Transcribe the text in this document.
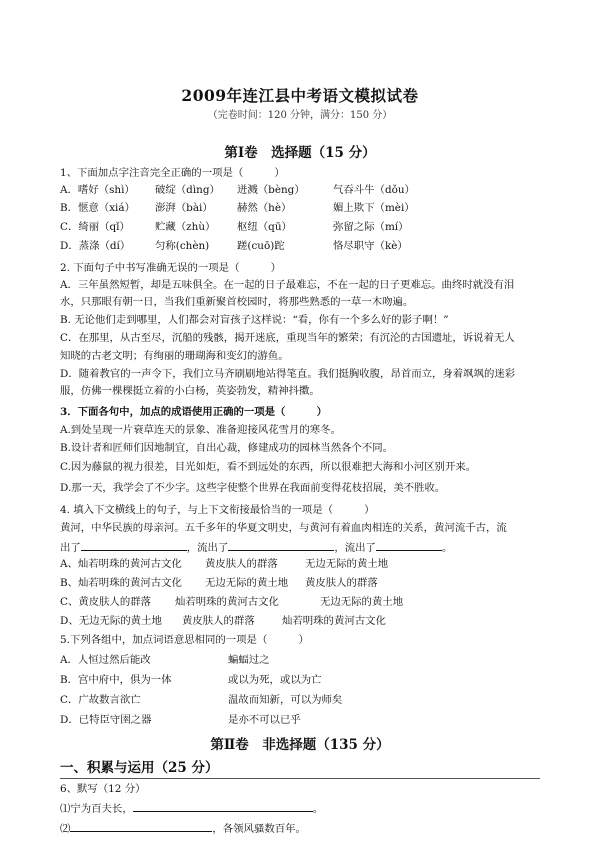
2009年连江县中考语文模拟试卷
（完卷时间：120 分钟，满分：150 分）
第Ⅰ卷　选择题（15 分）
1、下面加点字注音完全正确的一项是（　　　）
A．嗜好（shì） 破绽（dìng） 迸溅（bèng）	气吞斗牛（dǒu）
B．惬意（xiá） 澎湃（bài） 赫然（hè）	媚上欺下（mèi）
C．绮丽（qǐ） 贮藏（zhù） 枢纽（qū）	弥留之际（mí）
D．蒸涤（dí） 匀称(chèn)	蹉(cuō)跎	恪尽职守（kè）
2. 下面句子中书写准确无误的一项是（　　　）
A．三年虽然短暂，却是五味俱全。在一起的日子最难忘，不在一起的日子更难忘。曲终时就没有泪
水，只那眼有朝一日，当我们重新聚首校园时，将那些熟悉的一草一木吻遍。
B. 无论他们走到哪里，人们都会对盲孩子这样说：“看，你有一个多么好的影子啊！”
C．在那里，从古至尽，沉船的残骸，揭开迷底，重现当年的繁荣；有沉沦的古国遗址，诉说着无人
知晓的古老文明；有绚丽的珊瑚海和变幻的游鱼。
D．随着教官的一声令下，我们立马齐刷刷地站得笔直。我们挺胸收腹，昂首而立，身着飒飒的迷彩
服，仿佛一棵棵挺立着的小白杨，英姿勃发，精神抖擞。
3．下面各句中，加点的成语使用正确的一项是（　　　）
A.到处呈现一片衰草连天的景象、准备迎接风花雪月的寒冬。
B.设计者和匠师们因地制宜，自出心裁，修建成功的园林当然各个不同。
C.因为藤鼠的视力很差，目光如炬，看不到远处的东西，所以很难把大海和小河区别开来。
D.那一天，我学会了不少字。这些字使整个世界在我面前变得花枝招展，美不胜收。
4. 填入下文横线上的句子，与上下文衔接最恰当的一项是（　　　）
黄河，中华民族的母亲河。五千多年的华夏文明史，与黄河有着血肉相连的关系，黄河流千古，流
出了	，流出了	，流出了	。
A、灿若明珠的黄河古文化 黄皮肤人的群落	无边无际的黄土地
B、灿若明珠的黄河古文化 无边无际的黄土地 黄皮肤人的群落
C、黄皮肤人的群落 灿若明珠的黄河古文化	无边无际的黄土地
D、无边无际的黄土地 黄皮肤人的群落	灿若明珠的黄河古文化
5.下列各组中，加点词语意思相同的一项是（　　　）
A．人恒过然后能改	蝙蝠过之
B．宫中府中，俱为一体	或以为死，或以为亡
C．广故数言欲亡	温故而知新，可以为师矣
D．已特臣守圉之器	是亦不可以已乎
第Ⅱ卷　非选择题（135 分）
一、积累与运用（25 分）
6、默写（12 分）
⑴宁为百夫长，	。
⑵	，各领风骚数百年。
